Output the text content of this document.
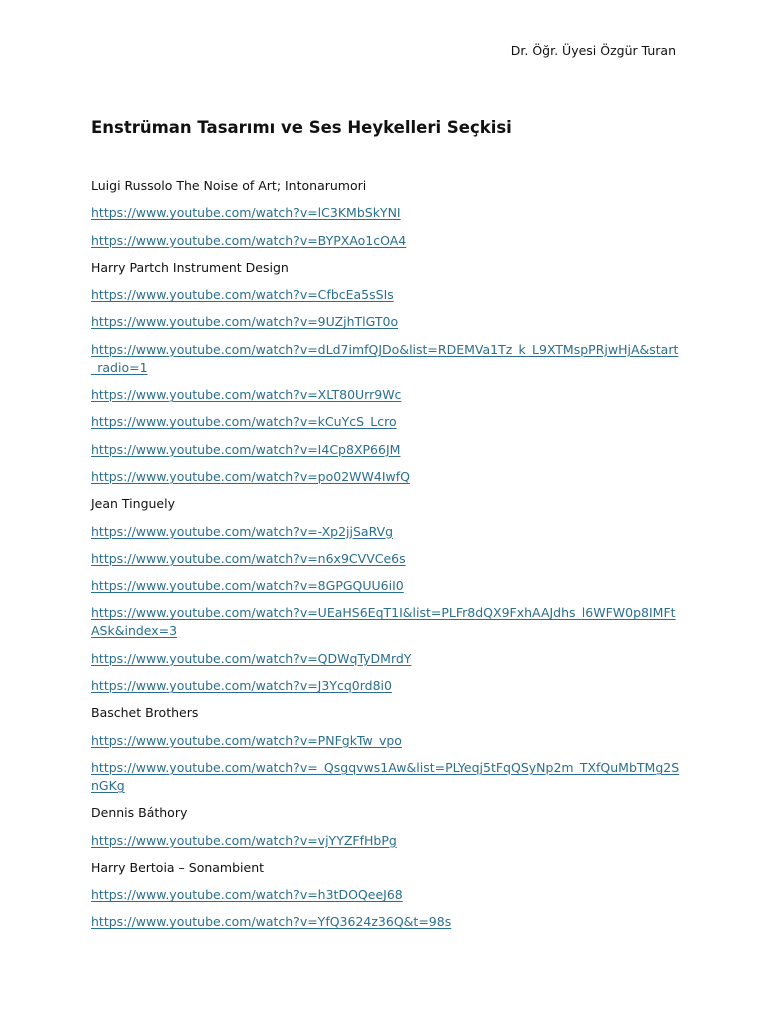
Dr. Öğr. Üyesi Özgür Turan
Enstrüman Tasarımı ve Ses Heykelleri Seçkisi
Luigi Russolo The Noise of Art; Intonarumori
https://www.youtube.com/watch?v=lC3KMbSkYNI
https://www.youtube.com/watch?v=BYPXAo1cOA4
Harry Partch Instrument Design
https://www.youtube.com/watch?v=CfbcEa5sSIs
https://www.youtube.com/watch?v=9UZjhTlGT0o
https://www.youtube.com/watch?v=dLd7imfQJDo&list=RDEMVa1Tz_k_L9XTMspPRjwHjA&start_radio=1
https://www.youtube.com/watch?v=XLT80Urr9Wc
https://www.youtube.com/watch?v=kCuYcS_Lcro
https://www.youtube.com/watch?v=I4Cp8XP66JM
https://www.youtube.com/watch?v=po02WW4IwfQ
Jean Tinguely
https://www.youtube.com/watch?v=-Xp2jjSaRVg
https://www.youtube.com/watch?v=n6x9CVVCe6s
https://www.youtube.com/watch?v=8GPGQUU6iI0
https://www.youtube.com/watch?v=UEaHS6EqT1I&list=PLFr8dQX9FxhAAJdhs_l6WFW0p8IMFtASk&index=3
https://www.youtube.com/watch?v=QDWqTyDMrdY
https://www.youtube.com/watch?v=J3Ycq0rd8i0
Baschet Brothers
https://www.youtube.com/watch?v=PNFgkTw_vpo
https://www.youtube.com/watch?v=_Qsgqvws1Aw&list=PLYeqj5tFqQSyNp2m_TXfQuMbTMg2SnGKg
Dennis Báthory
https://www.youtube.com/watch?v=vjYYZFfHbPg
Harry Bertoia – Sonambient
https://www.youtube.com/watch?v=h3tDOQeeJ68
https://www.youtube.com/watch?v=YfQ3624z36Q&t=98s
